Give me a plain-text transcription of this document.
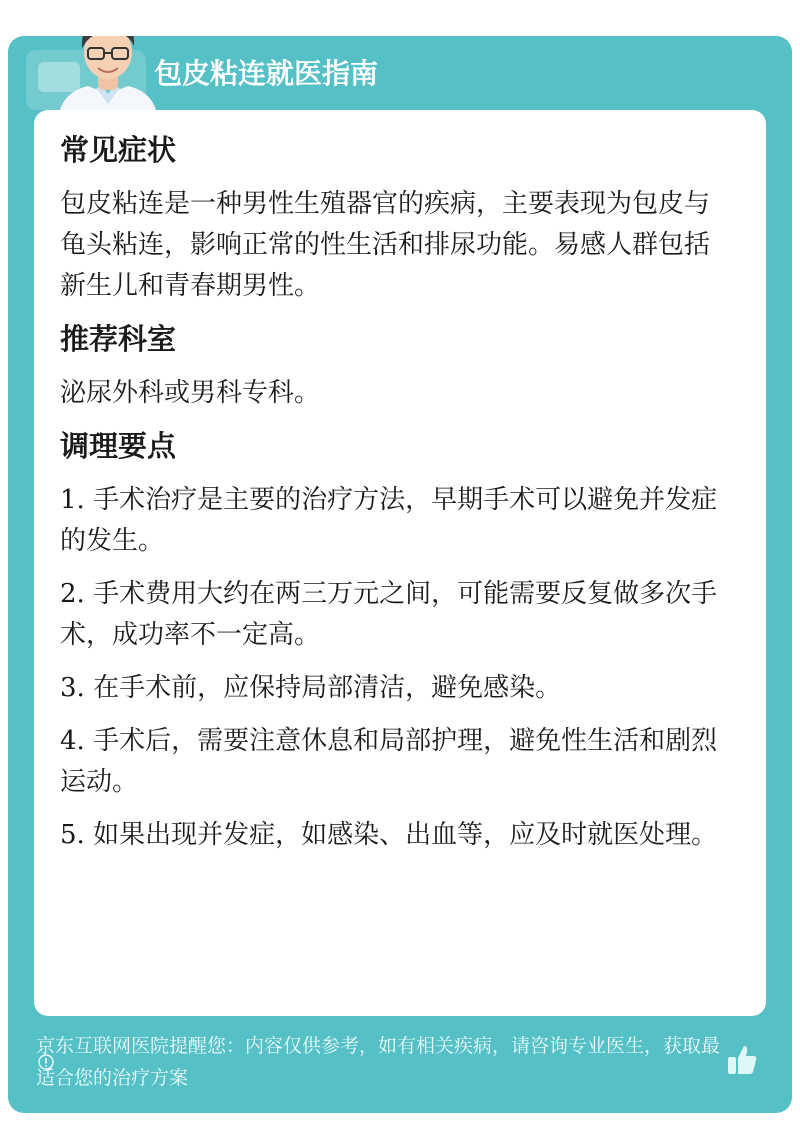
包皮粘连就医指南
常见症状
包皮粘连是一种男性生殖器官的疾病，主要表现为包皮与龟头粘连，影响正常的性生活和排尿功能。易感人群包括新生儿和青春期男性。
推荐科室
泌尿外科或男科专科。
调理要点
1. 手术治疗是主要的治疗方法，早期手术可以避免并发症的发生。
2. 手术费用大约在两三万元之间，可能需要反复做多次手术，成功率不一定高。
3. 在手术前，应保持局部清洁，避免感染。
4. 手术后，需要注意休息和局部护理，避免性生活和剧烈运动。
5. 如果出现并发症，如感染、出血等，应及时就医处理。
京东互联网医院提醒您：内容仅供参考，如有相关疾病，请咨询专业医生，获取最适合您的治疗方案
